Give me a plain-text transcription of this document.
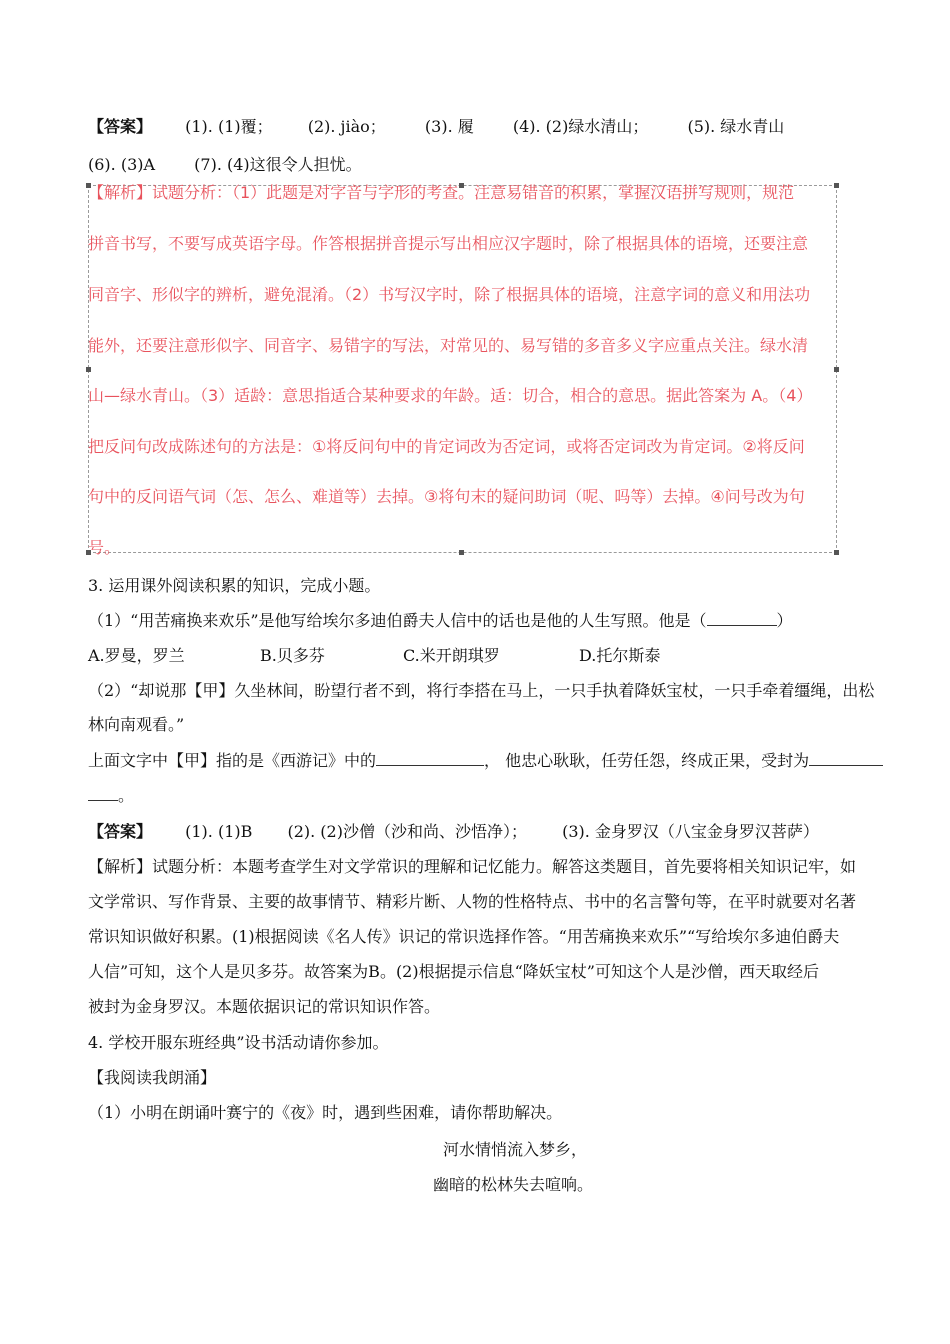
【答案】 (1). (1)覆； (2). jiào； (3). 履 (4). (2)绿水清山； (5). 绿水青山
(6). (3)A (7). (4)这很令人担忧。
【解析】试题分析：（1）此题是对字音与字形的考查。注意易错音的积累，掌握汉语拼写规则，规范
拼音书写，不要写成英语字母。作答根据拼音提示写出相应汉字题时，除了根据具体的语境，还要注意
同音字、形似字的辨析，避免混淆。（2）书写汉字时，除了根据具体的语境，注意字词的意义和用法功
能外，还要注意形似字、同音字、易错字的写法，对常见的、易写错的多音多义字应重点关注。绿水清
山—绿水青山。（3）适龄：意思指适合某种要求的年龄。适：切合，相合的意思。据此答案为 A。（4）
把反问句改成陈述句的方法是：①将反问句中的肯定词改为否定词，或将否定词改为肯定词。②将反问
句中的反问语气词（怎、怎么、难道等）去掉。③将句末的疑问助词（呢、吗等）去掉。④问号改为句
号。
3. 运用课外阅读积累的知识，完成小题。
（1）“用苦痛换来欢乐”是他写给埃尔多迪伯爵夫人信中的话也是他的人生写照。他是（	）
A.罗曼，罗兰	B.贝多芬	C.米开朗琪罗	D.托尔斯泰
（2）“却说那【甲】久坐林间，盼望行者不到，将行李搭在马上，一只手执着降妖宝杖，一只手牵着缰绳，出松
林向南观看。”
上面文字中【甲】指的是《西游记》中的	， 他忠心耿耿，任劳任怨，终成正果，受封为
。
【答案】 (1). (1)B (2). (2)沙僧（沙和尚、沙悟净）； (3). 金身罗汉（八宝金身罗汉菩萨）
【解析】试题分析：本题考查学生对文学常识的理解和记忆能力。解答这类题目，首先要将相关知识记牢，如
文学常识、写作背景、主要的故事情节、精彩片断、人物的性格特点、书中的名言警句等，在平时就要对名著
常识知识做好积累。(1)根据阅读《名人传》识记的常识选择作答。“用苦痛换来欢乐”“写给埃尔多迪伯爵夫
人信”可知，这个人是贝多芬。故答案为B。(2)根据提示信息“降妖宝杖”可知这个人是沙僧，西天取经后
被封为金身罗汉。本题依据识记的常识知识作答。
4. 学校开服东班经典”设书活动请你参加。
【我阅读我朗涌】
（1）小明在朗诵叶赛宁的《夜》时，遇到些困难，请你帮助解决。
河水情悄流入梦乡，
幽暗的松林失去喧响。
